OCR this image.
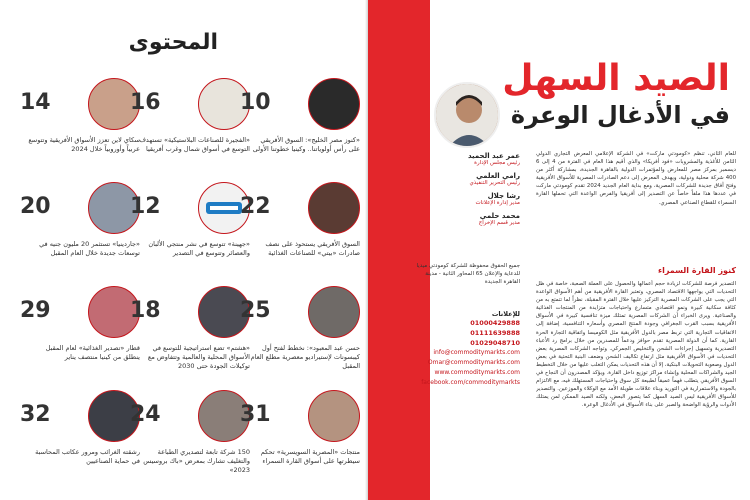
المحتوى
14
سكاي لاين تعزز الأسواق الأفريقية وتتوسع عربياً وأوروبياً خلال 2024
16
«الفجيرة للصناعات البلاستيكية» تستهدف التوسع في أسواق شمال وغرب أفريقيا
10
«كنوز مصر الخليج»: السوق الأفريقي على رأس أولوياتنا.. وكينيا خطوتنا الأولى
20
«جاردينيا» تستثمر 20 مليون جنيه في توسعات جديدة خلال العام المقبل
12
«جهينة» تتوسع في نشر منتجي الألبان والعصائر وتتوسع في التصدير
22
السوق الأفريقي يستحوذ على نصف صادرات «بيتي» للصناعات الغذائية
29
قطار «تصدير الغذائية» لعام المقبل ينطلق من كينيا منتصف يناير
18
«هشتم» تضع استراتيجية للتوسع في الأسواق المحلية والعالمية وتتفاوض مع توكيلات الجودة حتى 2030
25
حسن عبد المعبود»: نخطط لفتح أول كيبسونات لإستيراديو معصرية مطلع العام المقبل
32
رشقته الغرائب ومرور عكاتب المحاسبة في حماية الصناعيين
24
150 شركة تابعة لتصديري الطباعة والتغليف تشارك بمعرض «باك بروسيس 2023»
31
منتجات «المصرية السويسرية» تحكم سيطرتها على أسواق القارة السمراء
الصيد السهل
في الأدغال الوعرة
عمر عبد الحميد
رئيس مجلس الإدارة
رامي العلمي
رئيس التحرير التنفيذي
رشا جلال
مدير إدارة الإعلانات
محمد حلمي
مدير قسم الإخراج
جميع الحقوق محفوظة للشركة كومودتي ميديا للدعاية والإعلان 65 المحاور الثانية - مدينة القاهرة الجديدة
للإعلانات
01000429888
01111639888
01029048710
info@commoditymarkts.com
Omar@commoditymarkts.com
www.commoditymarkts.com
facebook.com/commoditymarkts
للعام الثاني، تنظم «كومودتي ماركت» في الشركة الإعلامي المعرض التجاري الدولي الثامن للأغذية والمشروبات «فود أفريكا» والذي أقيم هذا العام في الفترة من 4 إلى 6 ديسمبر بمركز مصر للمعارض والمؤتمرات الدولية بالقاهرة الجديدة، بمشاركة أكثر من 400 شركة محلية ودولية، ويهدف المعرض إلى دعم الصادرات المصرية للأسواق الأفريقية وفتح آفاق جديدة للشركات المصرية، ومع بداية العام الجديد 2024 تقدم كومودتي ماركت في عددها هذا ملفاً خاصاً عن التصدير إلى أفريقيا والفرص الواعدة التي تحملها القارة السمراء للقطاع الصناعي المصري.
كنوز القارة السمراء
التصدير فرصة للشركات لزيادة حجم أعمالها والحصول على العملة الصعبة، خاصة في ظل التحديات التي يواجهها الاقتصاد المصري، وتعتبر القارة الأفريقية من أهم الأسواق الواعدة التي يجب على الشركات المصرية التركيز عليها خلال الفترة المقبلة، نظراً لما تتمتع به من كثافة سكانية كبيرة ونمو اقتصادي متسارع واحتياجات متزايدة من المنتجات الغذائية والصناعية. ويرى الخبراء أن الشركات المصرية تمتلك ميزة تنافسية كبيرة في الأسواق الأفريقية بسبب القرب الجغرافي وجودة المنتج المصري وأسعاره التنافسية، إضافة إلى الاتفاقيات التجارية التي تربط مصر بالدول الأفريقية مثل الكوميسا واتفاقية التجارة الحرة القارية. كما أن الدولة المصرية تقدم حوافز ودعماً للمصدرين من خلال برامج رد الأعباء التصديرية وتسهيل إجراءات الشحن والتخليص الجمركي. وتواجه الشركات المصرية بعض التحديات في الأسواق الأفريقية مثل ارتفاع تكاليف الشحن وضعف البنية التحتية في بعض الدول وصعوبة التحويلات البنكية، إلا أن هذه التحديات يمكن التغلب عليها من خلال التخطيط الجيد والشراكات المحلية وإنشاء مراكز توزيع داخل القارة. ويؤكد المصدرون أن النجاح في السوق الأفريقي يتطلب فهماً عميقاً لطبيعة كل سوق واحتياجات المستهلك فيه، مع الالتزام بالجودة والاستمرارية في التوريد وبناء علاقات طويلة الأمد مع الوكلاء والموزعين. والتصدير للأسواق الأفريقية ليس الصيد السهل كما يتصور البعض، ولكنه الصيد الممكن لمن يمتلك الأدوات والرؤية الواضحة والصبر على بناء الأسواق في الأدغال الوعرة.
